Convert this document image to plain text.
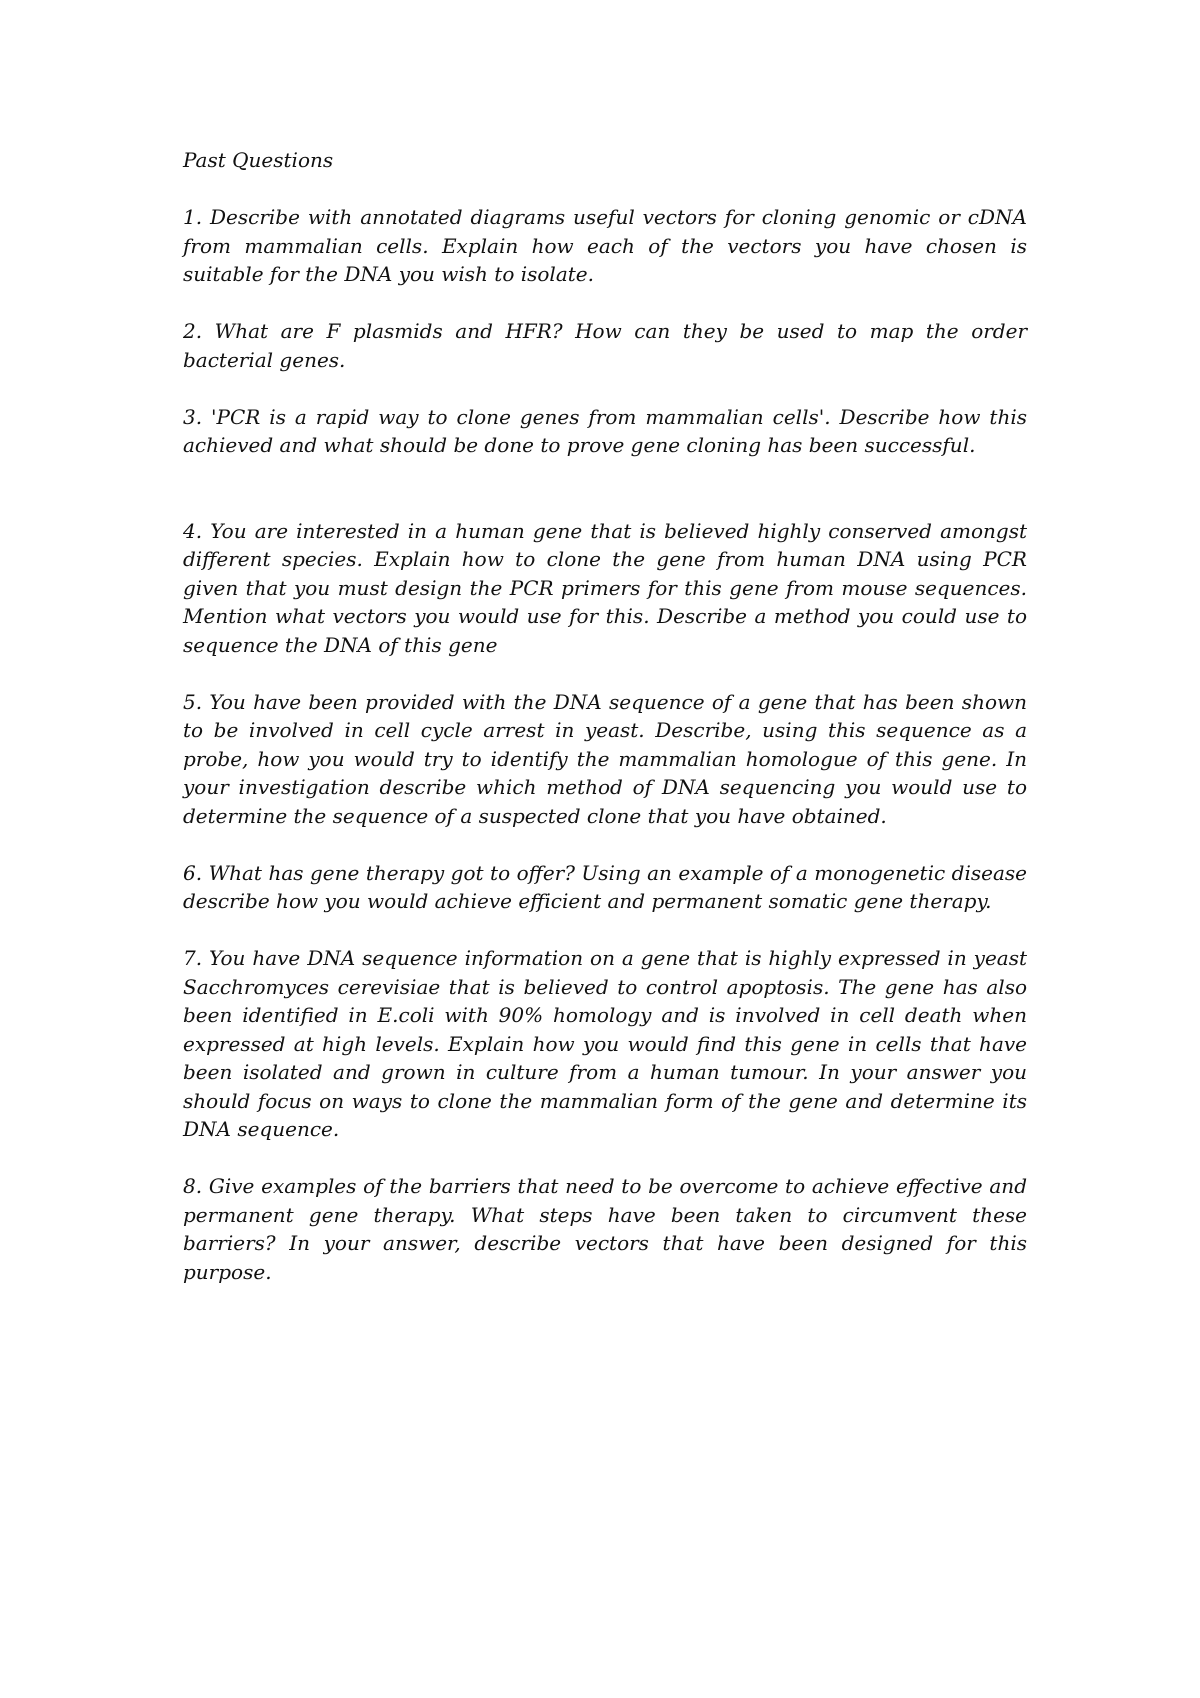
Past Questions

1. Describe with annotated diagrams useful vectors for cloning genomic or cDNA from mammalian cells. Explain how each of the vectors you have chosen is suitable for the DNA you wish to isolate.

2. What are F plasmids and HFR? How can they be used to map the order bacterial genes.

3. 'PCR is a rapid way to clone genes from mammalian cells'. Describe how this achieved and what should be done to prove gene cloning has been successful.

4. You are interested in a human gene that is believed highly conserved amongst different species. Explain how to clone the gene from human DNA using PCR given that you must design the PCR primers for this gene from mouse sequences. Mention what vectors you would use for this. Describe a method you could use to sequence the DNA of this gene

5. You have been provided with the DNA sequence of a gene that has been shown to be involved in cell cycle arrest in yeast. Describe, using this sequence as a probe, how you would try to identify the mammalian homologue of this gene. In your investigation describe which method of DNA sequencing you would use to determine the sequence of a suspected clone that you have obtained.

6. What has gene therapy got to offer? Using an example of a monogenetic disease describe how you would achieve efficient and permanent somatic gene therapy.

7. You have DNA sequence information on a gene that is highly expressed in yeast Sacchromyces cerevisiae that is believed to control apoptosis. The gene has also been identified in E.coli with 90% homology and is involved in cell death when expressed at high levels. Explain how you would find this gene in cells that have been isolated and grown in culture from a human tumour. In your answer you should focus on ways to clone the mammalian form of the gene and determine its DNA sequence.

8. Give examples of the barriers that need to be overcome to achieve effective and permanent gene therapy. What steps have been taken to circumvent these barriers? In your answer, describe vectors that have been designed for this purpose.
